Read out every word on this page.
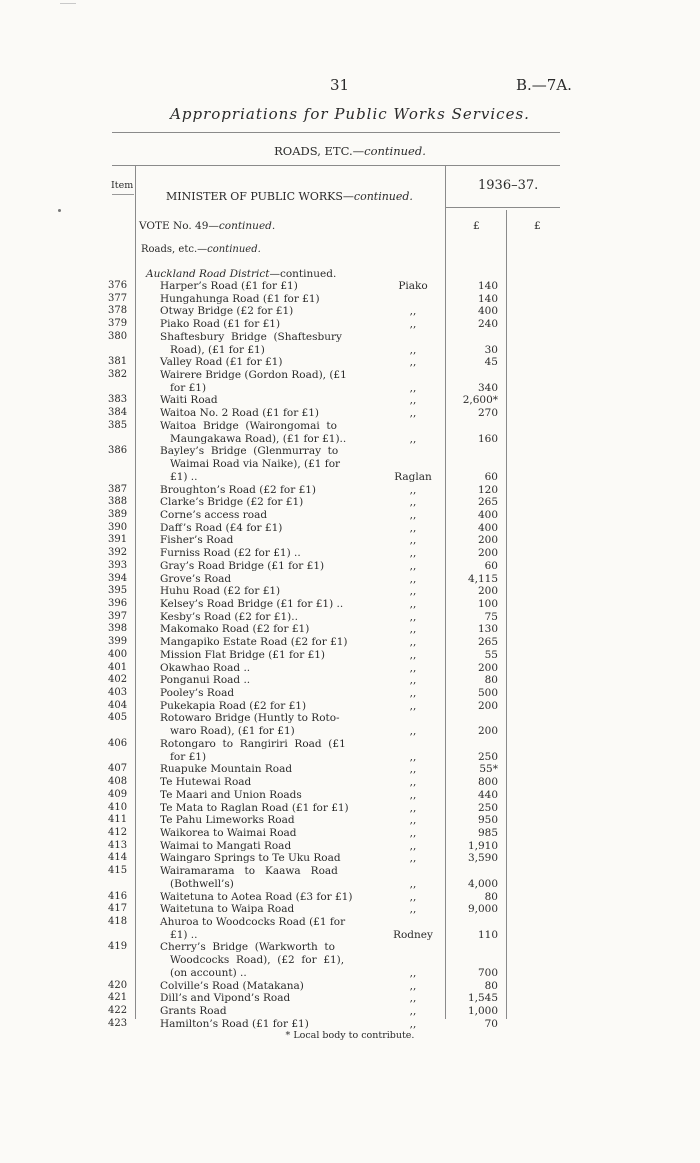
31	B.—7A.
Appropriations for Public Works Services.
ROADS, ETC.—continued.
Item
MINISTER OF PUBLIC WORKS—continued.
1936–37.
VOTE No. 49—continued.	£	£
Roads, etc.—continued.
Auckland Road District—continued.
376	Harper’s Road (£1 for £1)	Piako	140
377	Hungahunga Road (£1 for £1)	140
378	Otway Bridge (£2 for £1)	,,	400
379	Piako Road (£1 for £1)	,,	240
380	Shaftesbury  Bridge  (Shaftesbury
Road), (£1 for £1)	,,	30
381	Valley Road (£1 for £1)	,,	45
382	Wairere Bridge (Gordon Road), (£1
for £1)	,,	340
383	Waiti Road	,,	2,600*
384	Waitoa No. 2 Road (£1 for £1)	,,	270
385	Waitoa  Bridge  (Wairongomai  to
Maungakawa Road), (£1 for £1)..	,,	160
386	Bayley’s  Bridge  (Glenmurray  to
Waimai Road via Naike), (£1 for
£1) ..	Raglan	60
387	Broughton’s Road (£2 for £1)	,,	120
388	Clarke’s Bridge (£2 for £1)	,,	265
389	Corne’s access road	,,	400
390	Daff’s Road (£4 for £1)	,,	400
391	Fisher’s Road	,,	200
392	Furniss Road (£2 for £1) ..	,,	200
393	Gray’s Road Bridge (£1 for £1)	,,	60
394	Grove’s Road	,,	4,115
395	Huhu Road (£2 for £1)	,,	200
396	Kelsey’s Road Bridge (£1 for £1) ..	,,	100
397	Kesby’s Road (£2 for £1)..	,,	75
398	Makomako Road (£2 for £1)	,,	130
399	Mangapiko Estate Road (£2 for £1)	,,	265
400	Mission Flat Bridge (£1 for £1)	,,	55
401	Okawhao Road ..	,,	200
402	Ponganui Road ..	,,	80
403	Pooley’s Road	,,	500
404	Pukekapia Road (£2 for £1)	,,	200
405	Rotowaro Bridge (Huntly to Roto-
waro Road), (£1 for £1)	,,	200
406	Rotongaro  to  Rangiriri  Road  (£1
for £1)	,,	250
407	Ruapuke Mountain Road	,,	55*
408	Te Hutewai Road	,,	800
409	Te Maari and Union Roads	,,	440
410	Te Mata to Raglan Road (£1 for £1)	,,	250
411	Te Pahu Limeworks Road	,,	950
412	Waikorea to Waimai Road	,,	985
413	Waimai to Mangati Road	,,	1,910
414	Waingaro Springs to Te Uku Road	,,	3,590
415	Wairamarama   to   Kaawa   Road
(Bothwell’s)	,,	4,000
416	Waitetuna to Aotea Road (£3 for £1)	,,	80
417	Waitetuna to Waipa Road	,,	9,000
418	Ahuroa to Woodcocks Road (£1 for
£1) ..	Rodney	110
419	Cherry’s  Bridge  (Warkworth  to
Woodcocks  Road),  (£2  for  £1),
(on account) ..	,,	700
420	Colville’s Road (Matakana)	,,	80
421	Dill’s and Vipond’s Road	,,	1,545
422	Grants Road	,,	1,000
423	Hamilton’s Road (£1 for £1)	,,	70
* Local body to contribute.
